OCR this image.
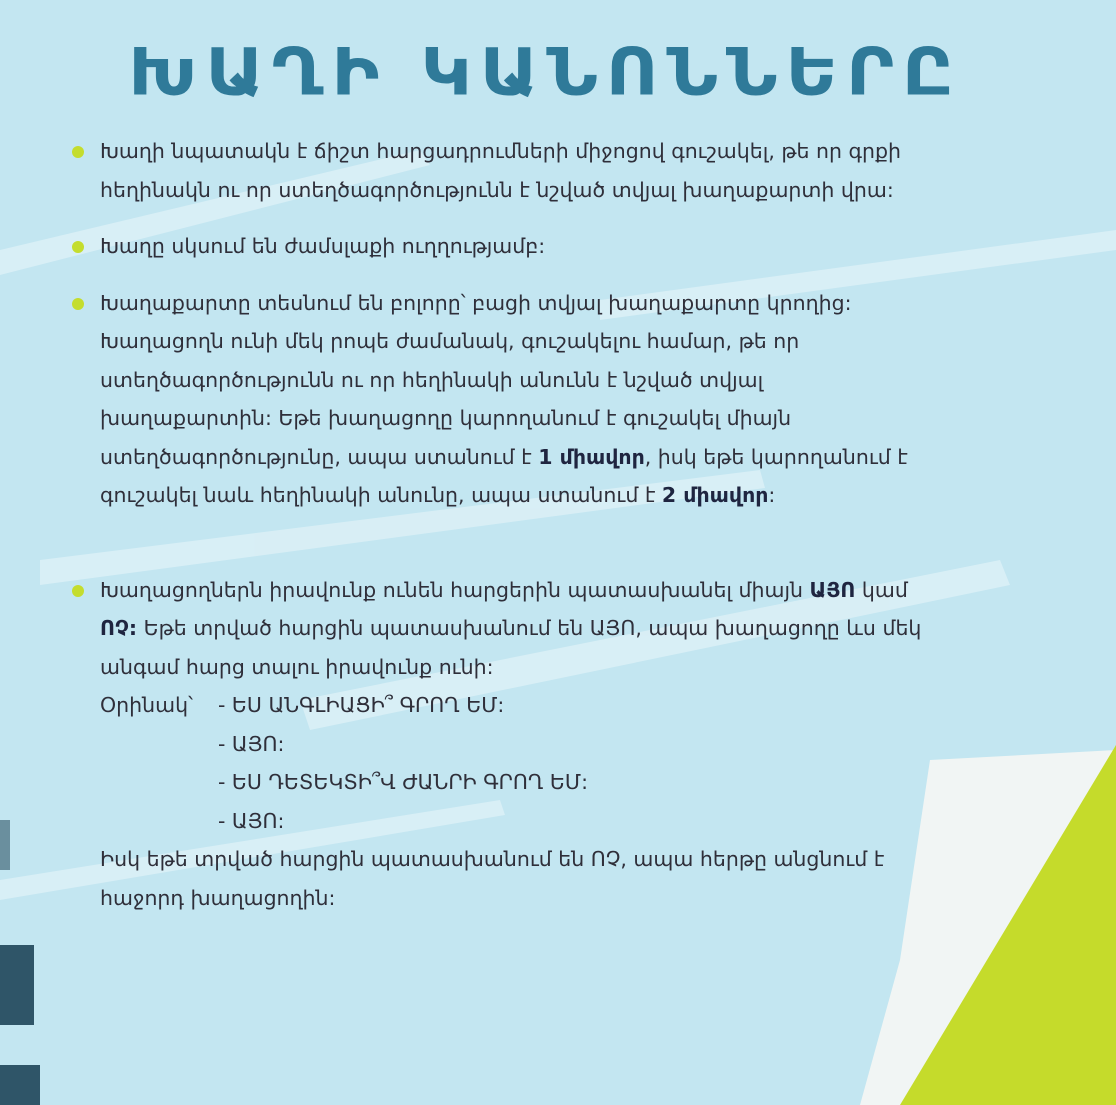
ԽԱՂԻ ԿԱՆՈՆՆԵՐԸ
Խաղի նպատակն է ճիշտ հարցադրումների միջոցով գուշակել, թե որ գրքի
հեղինակն ու որ ստեղծագործությունն է նշված տվյալ խաղաքարտի վրա:
Խաղը սկսում են ժամսլաքի ուղղությամբ:
Խաղաքարտը տեսնում են բոլորը՝ բացի տվյալ խաղաքարտը կրողից:
Խաղացողն ունի մեկ րոպե ժամանակ, գուշակելու համար, թե որ
ստեղծագործությունն ու որ հեղինակի անունն է նշված տվյալ
խաղաքարտին: Եթե խաղացողը կարողանում է գուշակել միայն
ստեղծագործությունը, ապա ստանում է 1 միավոր, իսկ եթե կարողանում է
գուշակել նաև հեղինակի անունը, ապա ստանում է 2 միավոր:
Խաղացողներն իրավունք ունեն հարցերին պատասխանել միայն ԱՅՈ կամ
ՈՉ: Եթե տրված հարցին պատասխանում են ԱՅՈ, ապա խաղացողը ևս մեկ
անգամ հարց տալու իրավունք ունի:
Օրինակ՝ - ԵՍ ԱՆԳԼԻԱՑԻ՞ ԳՐՈՂ ԵՄ:
- ԱՅՈ:
- ԵՍ ԴԵՏԵԿՏԻ՞Վ ԺԱՆՐԻ ԳՐՈՂ ԵՄ:
- ԱՅՈ:
Իսկ եթե տրված հարցին պատասխանում են ՈՉ, ապա հերթը անցնում է
հաջորդ խաղացողին:
